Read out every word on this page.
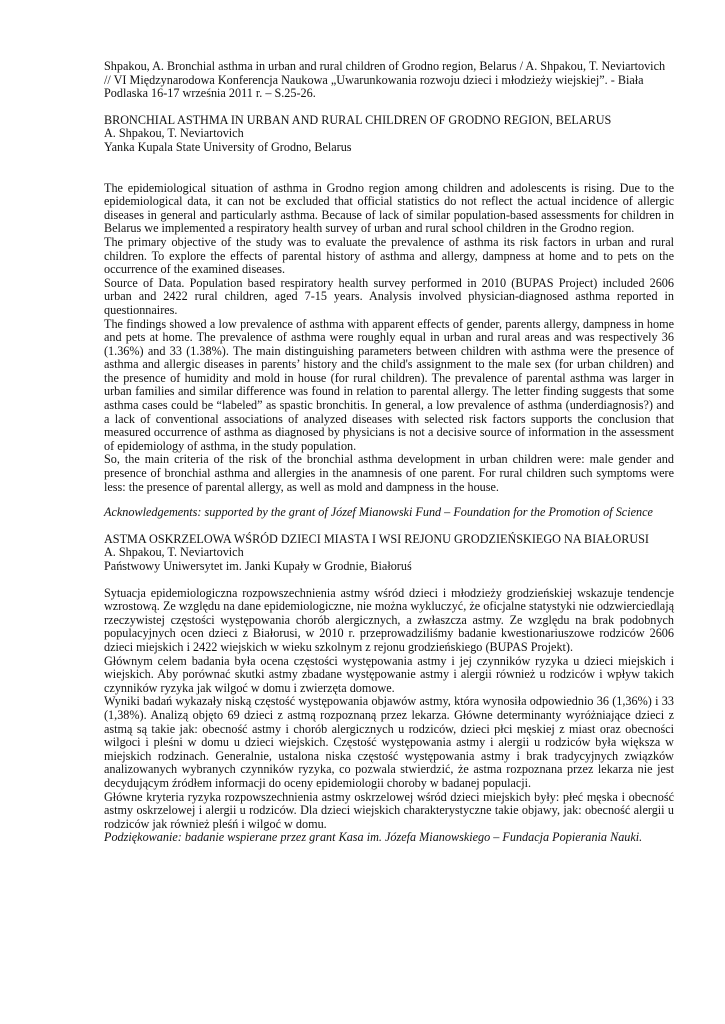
Shpakou, A. Bronchial asthma in urban and rural children of Grodno region, Belarus / A. Shpakou, T. Neviartovich // VI Międzynarodowa Konferencja Naukowa „Uwarunkowania rozwoju dzieci i młodzieży wiejskiej”. - Biała Podlaska 16-17 września 2011 r. – S.25-26.

BRONCHIAL ASTHMA IN URBAN AND RURAL CHILDREN OF GRODNO REGION, BELARUS

A. Shpakou, T. Neviartovich

Yanka Kupala State University of Grodno, Belarus

The epidemiological situation of asthma in Grodno region among children and adolescents is rising. Due to the epidemiological data, it can not be excluded that official statistics do not reflect the actual incidence of allergic diseases in general and particularly asthma. Because of lack of similar population-based assessments for children in Belarus we implemented a respiratory health survey of urban and rural school children in the Grodno region.

The primary objective of the study was to evaluate the prevalence of asthma its risk factors in urban and rural children. To explore the effects of parental history of asthma and allergy, dampness at home and to pets on the occurrence of the examined diseases.

Source of Data. Population based respiratory health survey performed in 2010 (BUPAS Project) included 2606 urban and 2422 rural children, aged 7-15 years. Analysis involved physician-diagnosed asthma reported in questionnaires.

The findings showed a low prevalence of asthma with apparent effects of gender, parents allergy, dampness in home and pets at home. The prevalence of asthma were roughly equal in urban and rural areas and was respectively 36 (1.36%) and 33 (1.38%). The main distinguishing parameters between children with asthma were the presence of asthma and allergic diseases in parents’ history and the child's assignment to the male sex (for urban children) and the presence of humidity and mold in house (for rural children). The prevalence of parental asthma was larger in urban families and similar difference was found in relation to parental allergy. The letter finding suggests that some asthma cases could be “labeled” as spastic bronchitis. In general, a low prevalence of asthma (underdiagnosis?) and a lack of conventional associations of analyzed diseases with selected risk factors supports the conclusion that measured occurrence of asthma as diagnosed by physicians is not a decisive source of information in the assessment of epidemiology of asthma, in the study population.

So, the main criteria of the risk of the bronchial asthma development in urban children were: male gender and presence of bronchial asthma and allergies in the anamnesis of one parent. For rural children such symptoms were less: the presence of parental allergy, as well as mold and dampness in the house.

Acknowledgements: supported by the grant of Józef Mianowski Fund – Foundation for the Promotion of Science

ASTMA OSKRZELOWA WŚRÓD DZIECI MIASTA I WSI REJONU GRODZIEŃSKIEGO NA BIAŁORUSI

A. Shpakou, T. Neviartovich

Państwowy Uniwersytet im. Janki Kupały w Grodnie, Białoruś

Sytuacja epidemiologiczna rozpowszechnienia astmy wśród dzieci i młodzieży grodzieńskiej wskazuje tendencje wzrostową. Ze względu na dane epidemiologiczne, nie można wykluczyć, że oficjalne statystyki nie odzwierciedlają rzeczywistej częstości występowania chorób alergicznych, a zwłaszcza astmy. Ze względu na brak podobnych populacyjnych ocen dzieci z Białorusi, w 2010 r. przeprowadziliśmy badanie kwestionariuszowe rodziców 2606 dzieci miejskich i 2422 wiejskich w wieku szkolnym z rejonu grodzieńskiego (BUPAS Projekt).

Głównym celem badania była ocena częstości występowania astmy i jej czynników ryzyka u dzieci miejskich i wiejskich. Aby porównać skutki astmy zbadane występowanie astmy i alergii również u rodziców i wpływ takich czynników ryzyka jak wilgoć w domu i zwierzęta domowe.

Wyniki badań wykazały niską częstość występowania objawów astmy, która wynosiła odpowiednio 36 (1,36%) i 33 (1,38%). Analizą objęto 69 dzieci z astmą rozpoznaną przez lekarza. Główne determinanty wyróżniające dzieci z astmą są takie jak: obecność astmy i chorób alergicznych u rodziców, dzieci płci męskiej z miast oraz obecności wilgoci i pleśni w domu u dzieci wiejskich. Częstość występowania astmy i alergii u rodziców była większa w miejskich rodzinach. Generalnie, ustalona niska częstość występowania astmy i brak tradycyjnych związków analizowanych wybranych czynników ryzyka, co pozwala stwierdzić, że astma rozpoznana przez lekarza nie jest decydującym źródłem informacji do oceny epidemiologii choroby w badanej populacji.

Główne kryteria ryzyka rozpowszechnienia astmy oskrzelowej wśród dzieci miejskich były: płeć męska i obecność astmy oskrzelowej i alergii u rodziców. Dla dzieci wiejskich charakterystyczne takie objawy, jak: obecność alergii u rodziców jak również pleśń i wilgoć w domu.

Podziękowanie: badanie wspierane przez grant Kasa im. Józefa Mianowskiego – Fundacja Popierania Nauki.
